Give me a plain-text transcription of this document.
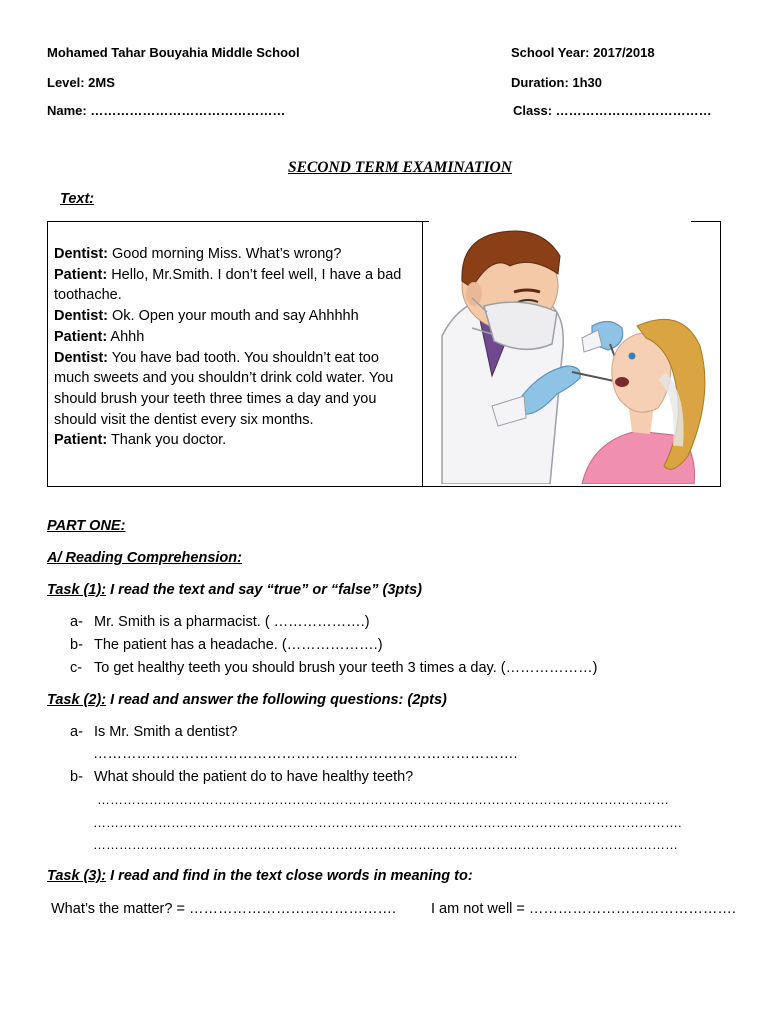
Mohamed Tahar Bouyahia Middle School	School Year: 2017/2018
Level: 2MS	Duration: 1h30
Name: ………………………………………	Class: ………………………………
SECOND TERM EXAMINATION
Text:

Dentist: Good morning Miss. What’s wrong?

Patient: Hello, Mr.Smith. I don’t feel well, I have a bad toothache.

Dentist: Ok. Open your mouth and say Ahhhhh

Patient: Ahhh

Dentist: You have bad tooth. You shouldn’t eat too much sweets and you shouldn’t drink cold water. You should brush your teeth three times a day and you should visit the dentist every six months.

Patient: Thank you doctor.

PART ONE:
A/ Reading Comprehension:
Task (1): I read the text and say “true” or “false” (3pts)
a- Mr. Smith is a pharmacist. ( ……………….)
b- The patient has a headache. (……………….)
c- To get healthy teeth you should brush your teeth 3 times a day. (………………)
Task (2): I read and answer the following questions: (2pts)
a- Is Mr. Smith a dentist?
…………………………………………………………………………….
b- What should the patient do to have healthy teeth?
……………………………………………………………………………………………………………………
……………………………………………………………………………………………………………………….
………………………………………………………………………………………………………………………
Task (3): I read and find in the text close words in meaning to:
What’s the matter? = ……………………………………. I am not well = …………………………………….
